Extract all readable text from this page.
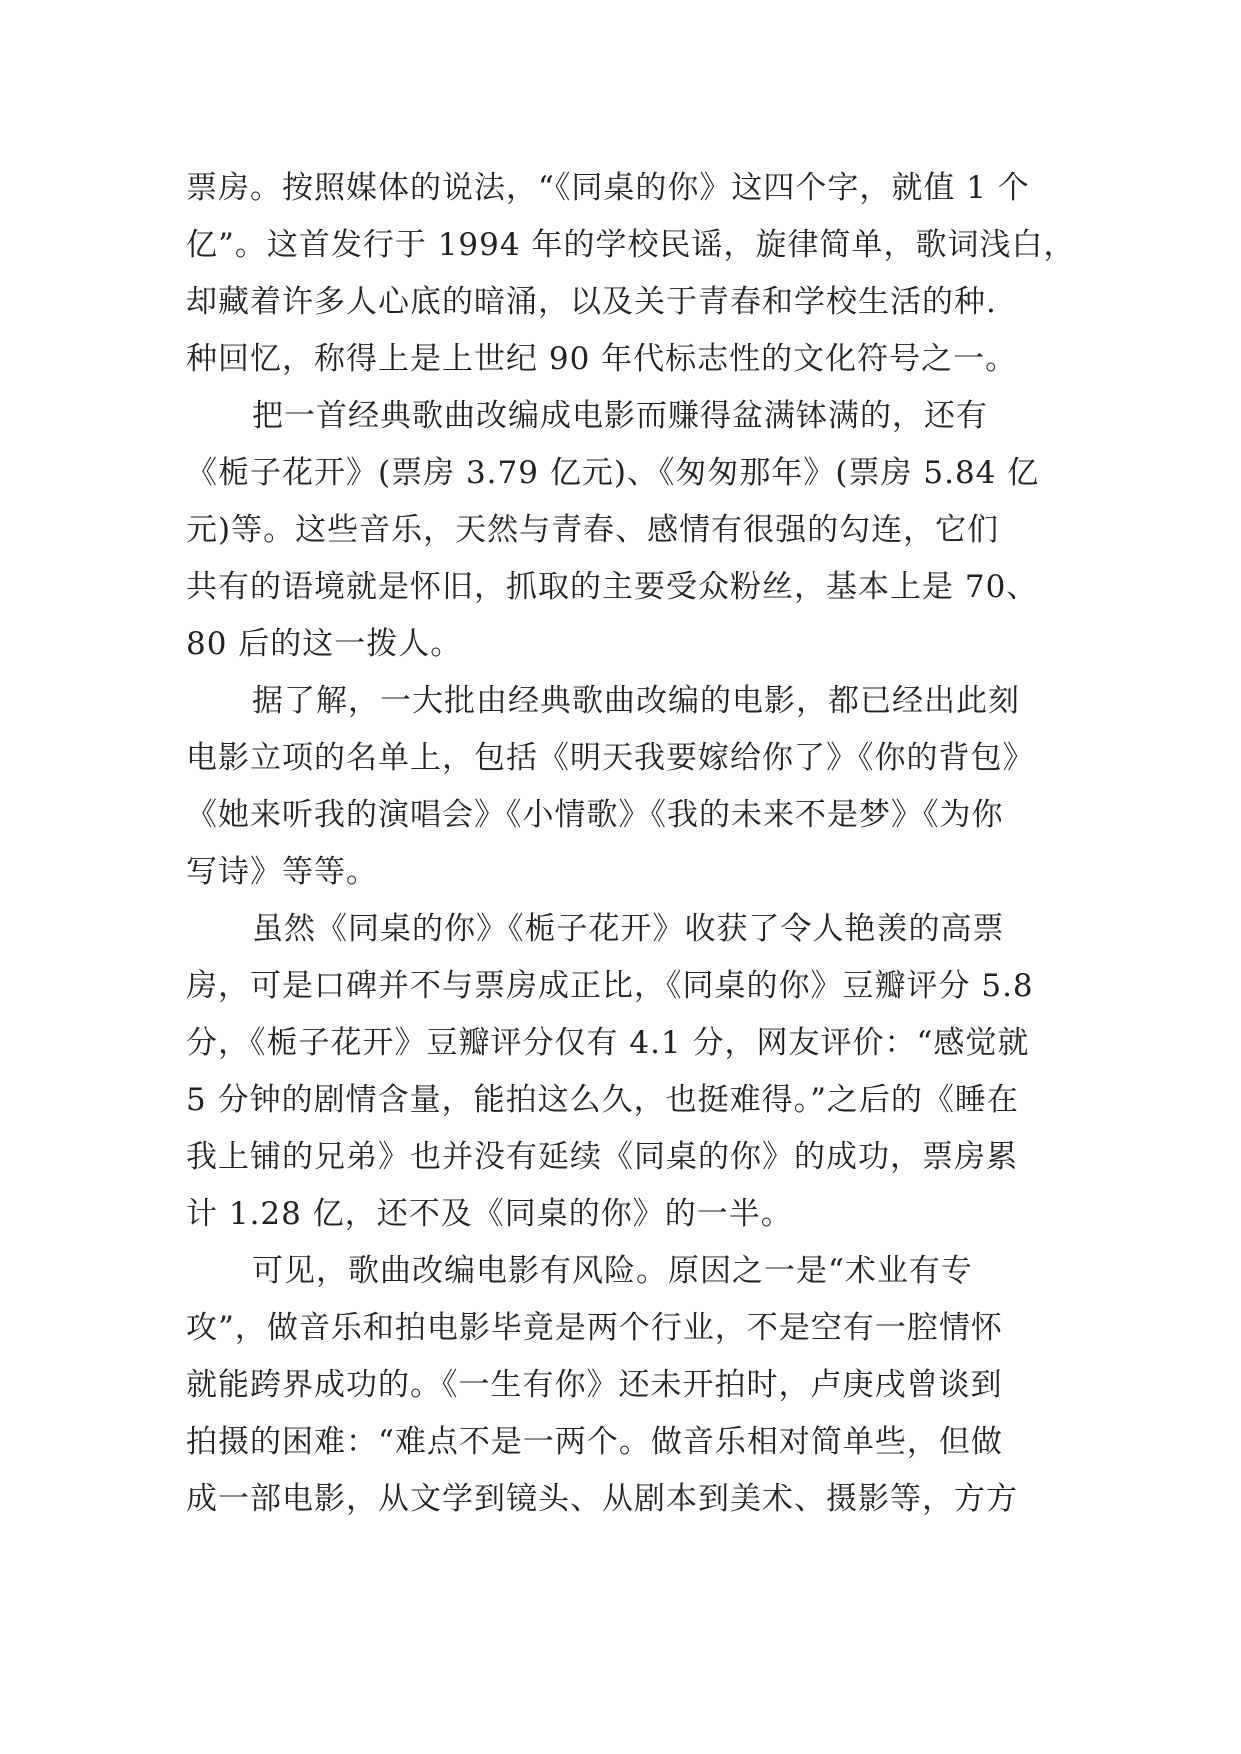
票房。按照媒体的说法，“《同桌的你》这四个字，就值 1 个
亿”。这首发行于 1994 年的学校民谣，旋律简单，歌词浅白，
却藏着许多人心底的暗涌，以及关于青春和学校生活的种.
种回忆，称得上是上世纪 90 年代标志性的文化符号之一。
把一首经典歌曲改编成电影而赚得盆满钵满的，还有
《栀子花开》(票房 3.79 亿元)、《匆匆那年》(票房 5.84 亿
元)等。这些音乐，天然与青春、感情有很强的勾连，它们
共有的语境就是怀旧，抓取的主要受众粉丝，基本上是 70、
80 后的这一拨人。
据了解，一大批由经典歌曲改编的电影，都已经出此刻
电影立项的名单上，包括《明天我要嫁给你了》《你的背包》
《她来听我的演唱会》《小情歌》《我的未来不是梦》《为你
写诗》等等。
虽然《同桌的你》《栀子花开》收获了令人艳羡的高票
房，可是口碑并不与票房成正比，《同桌的你》豆瓣评分 5.8
分，《栀子花开》豆瓣评分仅有 4.1 分，网友评价：“感觉就
5 分钟的剧情含量，能拍这么久，也挺难得。”之后的《睡在
我上铺的兄弟》也并没有延续《同桌的你》的成功，票房累
计 1.28 亿，还不及《同桌的你》的一半。
可见，歌曲改编电影有风险。原因之一是“术业有专
攻”，做音乐和拍电影毕竟是两个行业，不是空有一腔情怀
就能跨界成功的。《一生有你》还未开拍时，卢庚戌曾谈到
拍摄的困难：“难点不是一两个。做音乐相对简单些，但做
成一部电影，从文学到镜头、从剧本到美术、摄影等，方方
